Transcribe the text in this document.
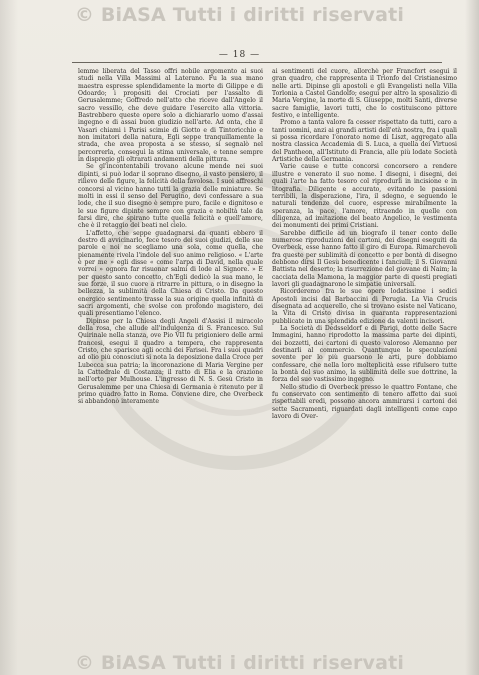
© BiASA Tutti i diritti riservati
— 18 —

lemme liberata del Tasso offri nobile argomento ai suoi studi nella Villa Massimi al Laterano. Fu la sua mano maestra espresse splendidamente la morte di Gilippe e di Odoardo; i propositi dei Crociati per l'assalto di Gerusalemme; Goffredo nell'atto che riceve dall'Angelo il sacro vessillo, che deve guidare l'esercito alla vittoria. Bastrebbero queste opere solo a dichiararlo uomo d'assai ingegno e di assai buon giudizio nell'arte. Ad onta, che il Vasari chiami i Parisi scimie di Giotto e di Tintoricchio e non imitatori della natura, Egli seppe tranquillamente la strada, che avea proposta a se stesso, si segnalò nel percorrerla, conseguì la stima universale, e tenne sempre in dispregio gli oltrarati andamenti della pittura.

Se gl'incontentabili trovano alcune mende nei suoi dipinti, si può lodar il soprano disegno, il vasto pensiero, il rilievo delle figure, la felicità della favolosa. I suoi affreschi concorsi al vicino hanno tutti la grazia delle miniature. Se molti in essi il senso del Perugino, devi confessare a sua lode, che il suo disegno è sempre puro, facile e dignitoso e le sue figure dipinte sempre con grazia e nobiltà tale da farsi dire, che spirano tutte quella felicità e quell'amore, che è il retaggio dei beati nel cielo.

L'affetto, che seppe guadagnarsi da quanti ebbero il destro di avvicinarlo, fece tesoro dei suoi giudizi, delle sue parole e noi ne scegliamo una sola, come quella, che pienamente rivela l'indole del suo animo religioso. « L'arte è per me » egli disse « come l'arpa di David, nella quale vorrei » ognora far risuonar salmi di lode al Signore. » E per questo santo concetto, ch'Egli dedicò la sua mano, le sue forze, il suo cuore a ritrarre in pittura, o in disegno la bellezza, la sublimità della Chiesa di Cristo. Da questo energico sentimento trasse la sua origine quella infinità di sacri argomenti, che svolse con profondo magistero, dei quali presentiamo l'elenco.

Dipinse per la Chiesa degli Angeli d'Assisi il miracolo della rosa, che allude all'indulgenza di S. Francesco. Sul Quirinale nella stanza, ove Pio VII fu prigioniero delle armi francesi, esegui il quadro a tempera, che rappresenta Cristo, che sparisce agli occhi dei Farisei. Fra i suoi quadri ad olio più conosciuti si nota la deposizione dalla Croce per Lubecca sua patria; la incoronazione di Maria Vergine per la Cattedrale di Costanza; il ratto di Elia e la orazione nell'orto per Mulhouse. L'ingresso di N. S. Gesù Cristo in Gerusalemme per una Chiesa di Germania è ritenuto per il primo quadro fatto in Roma. Conviene dire, che Overbeck si abbandonò interamente

ai sentimenti del cuore, allorchè per Francfort eseguì il gran quadro, che rappresenta il Trionfo del Cristianesimo nelle arti. Dipinse gli apostoli e gli Evangelisti nella Villa Torlonia a Castel Gandolfo; esegui per altro la sposalizio di Maria Vergine, la morte di S. Giuseppe, molti Santi, diverse sacre famiglie, lavori tutti, che lo costituiscono pittore festivo, e intelligente.

Promo a tanta valore fa cesser rispettato da tutti, caro a tanti uomini, anzi ai grandi artisti dell'età nostra, fra i quali si possa ricordare l'onorato nome di Liszt, aggregato alla nostra classica Accademia di S. Luca, a quella dei Virtuosi del Pantheon, all'Istituto di Francia, alle più lodate Società Artistiche della Germania.

Varie cause e tutte concorsi concorsero a rendere illustre e venerato il suo nome. I disegni, i disegni, dei quali l'arte ha fatto tesoro col riprodurli in incisione e in litografia. Diligente e accurato, evitando le passioni terribili, la disperazione, l'ira, il sdegno, e seguendo le naturali tendenze del cuore, espresse mirabilmente la speranza, la pace, l'amore, ritraendo in quelle con diligenza, ad imitazione del beato Angelico, le vestimenta dei monumenti dei primi Cristiani.

Sarebbe difficile ad un biografo il tener conto delle numerose riproduzioni dei cartoni, dei disegni eseguiti da Overbeck, esse hanno fatto il giro di Europa. Rimarchevoli fra queste per sublimità di concetto e per bontà di disegno debbono dirsi Il Gesù benedicente i fanciulli; il S. Giovanni Battista nel deserto; la risurrezione del giovane di Naim; la cacciata della Mamona, la maggior parte di questi pregiati lavori gli guadagnarono le simpatie universali.

Ricorderemo fra le sue opere lodatissime i sedici Apostoli incisi dal Barbaccini di Perugia. La Via Crucis disegnata ad acquerello, che si trovano esiste nel Vaticano, la Vita di Cristo divisa in quaranta rappresentazioni pubblicate in una splendida edizione da valenti incisori.

La Società di Dedsseldorf e di Parigi, dotte delle Sacre Immagini, hanno riprodotto la massima parte dei dipinti, dei bozzetti, dei cartoni di questo valoroso Alemanno per destinarli al commercio. Quantunque le speculazioni sovente per lo più guarsono le arti, pure dobbiamo confessare, che nella loro molteplicità esse rifulsero tutte la bontà del suo animo, la sublimità delle sue dottrine, la forza del suo vastissimo ingegno.

Nello studio di Overbeck presso le quattro Fontane, che fu conservato con sentimento di tenero affetto dai suoi rispettabili eredi, possono ancora ammirarsi i cartoni dei sette Sacramenti, riguardati dagli intelligenti come capo lavoro di Over-

© BiASA Tutti i diritti riservati
